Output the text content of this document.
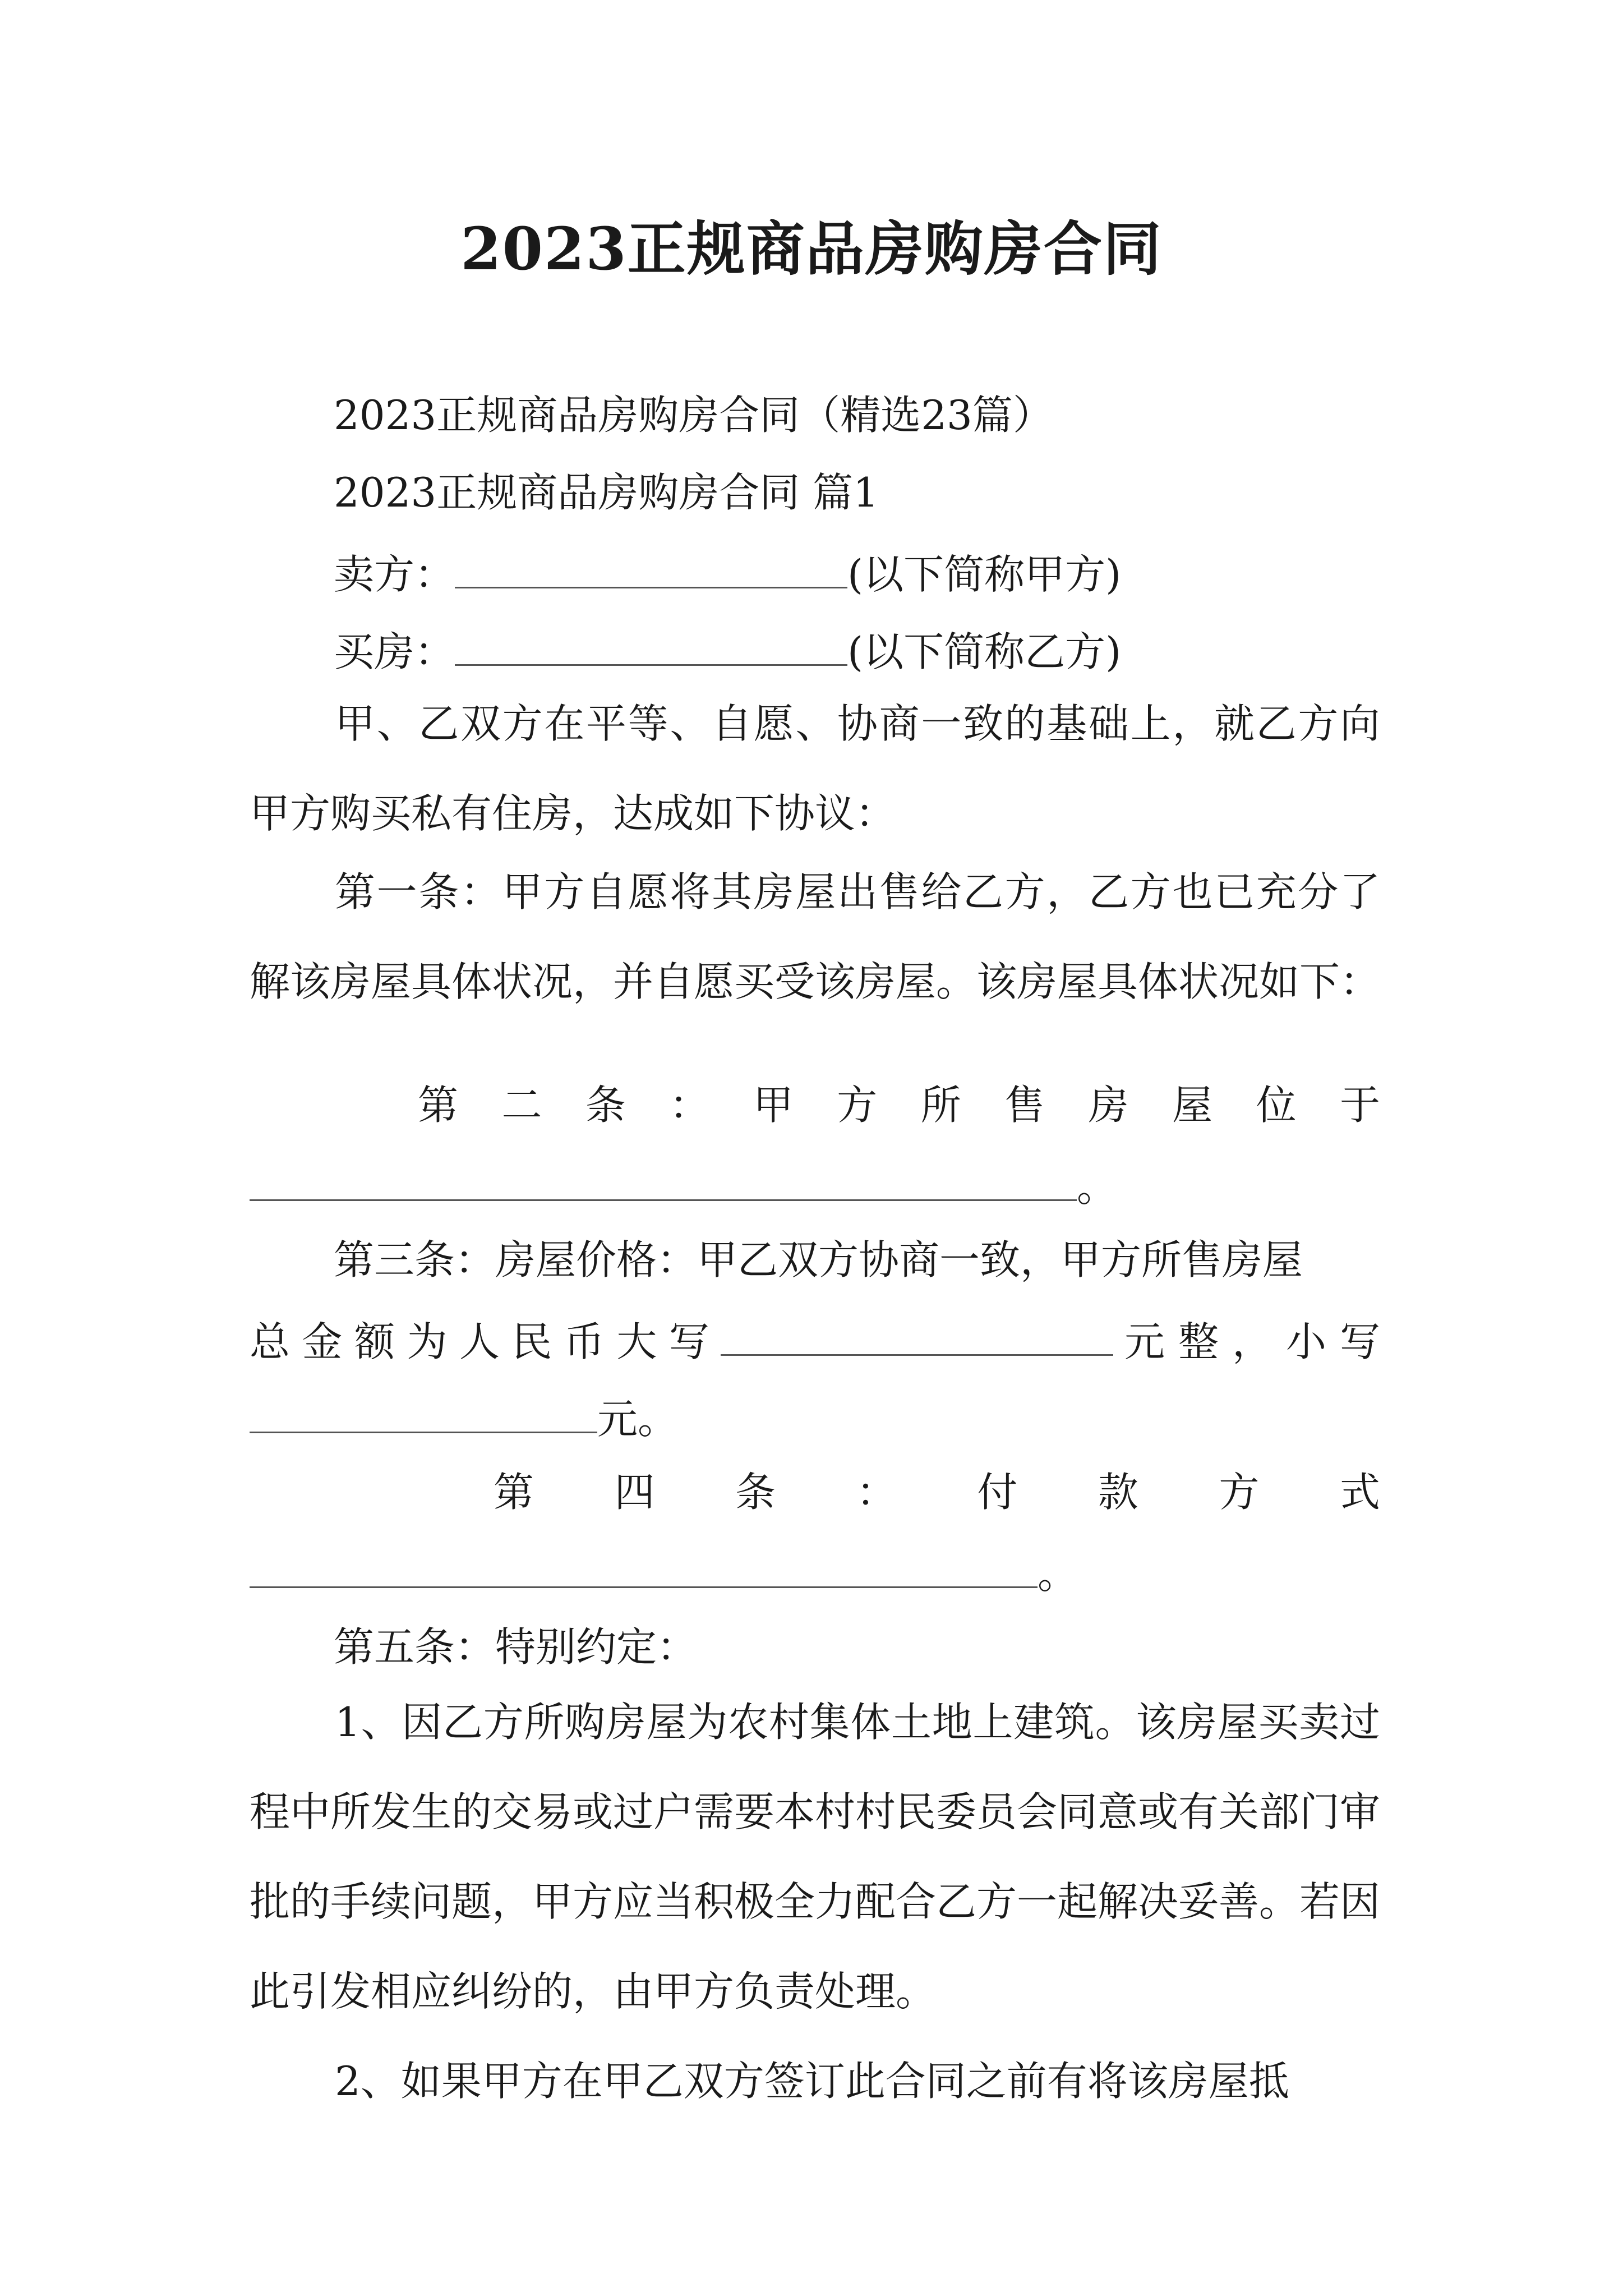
2023正规商品房购房合同
2023正规商品房购房合同（精选23篇）
2023正规商品房购房合同 篇1
卖方：	(以下简称甲方)
买房：	(以下简称乙方)
甲、乙双方在平等、自愿、协商一致的基础上，就乙方向甲方购买私有住房，达成如下协议：
第一条：甲方自愿将其房屋出售给乙方，乙方也已充分了解该房屋具体状况，并自愿买受该房屋。该房屋具体状况如下：
第 二 条 ： 甲 方 所 售 房 屋 位 于
。
第三条：房屋价格：甲乙双方协商一致，甲方所售房屋
总 金 额 为 人 民 币 大 写	元整，小写
元。
第 四 条 ： 付 款 方 式
。
第五条：特别约定：
1、因乙方所购房屋为农村集体土地上建筑。该房屋买卖过程中所发生的交易或过户需要本村村民委员会同意或有关部门审批的手续问题，甲方应当积极全力配合乙方一起解决妥善。若因此引发相应纠纷的，由甲方负责处理。
2、如果甲方在甲乙双方签订此合同之前有将该房屋抵
